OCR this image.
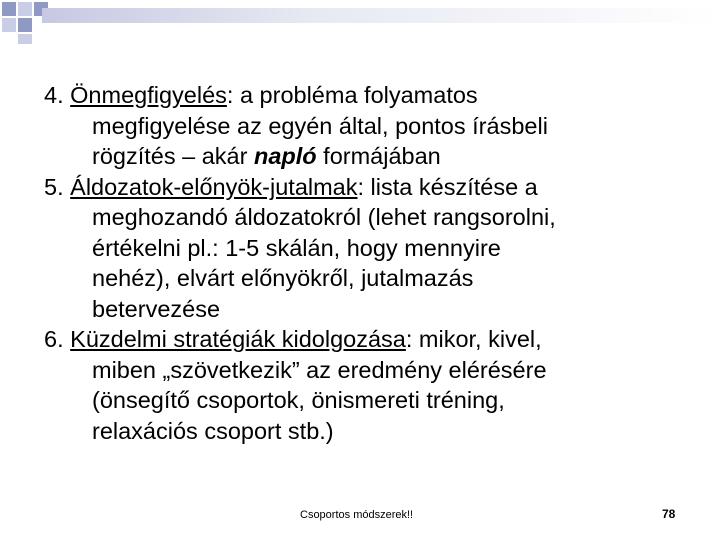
4. Önmegfigyelés: a probléma folyamatos
megfigyelése az egyén által, pontos írásbeli
rögzítés – akár napló formájában
5. Áldozatok-előnyök-jutalmak: lista készítése a
meghozandó áldozatokról (lehet rangsorolni,
értékelni pl.: 1-5 skálán, hogy mennyire
nehéz), elvárt előnyökről, jutalmazás
betervezése
6. Küzdelmi stratégiák kidolgozása: mikor, kivel,
miben „szövetkezik” az eredmény elérésére
(önsegítő csoportok, önismereti tréning,
relaxációs csoport stb.)
Csoportos módszerek!!	78
